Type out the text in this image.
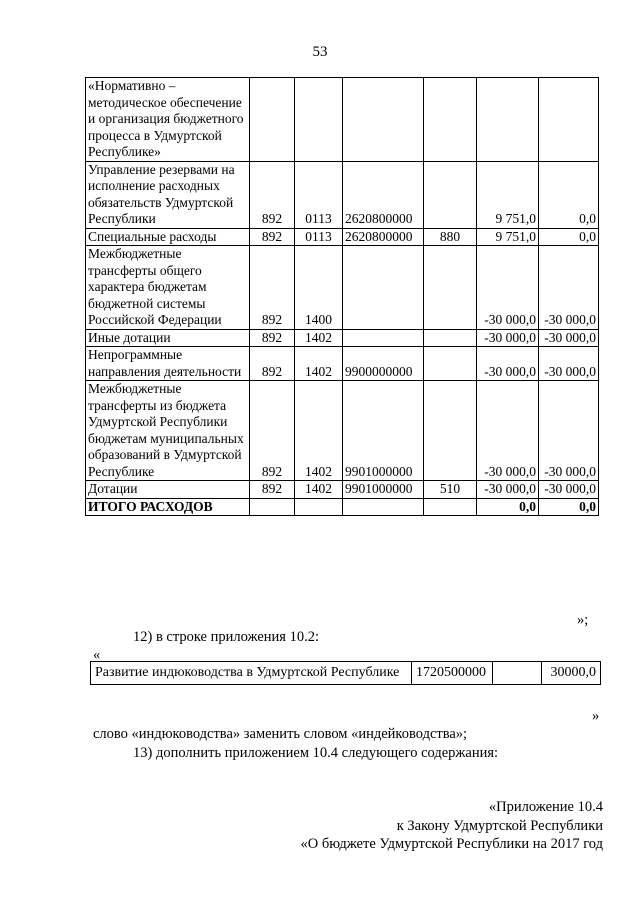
53
«Нормативно – методическое обеспечение и организация бюджетного процесса в Удмуртской Республике»						
Управление резервами на исполнение расходных обязательств Удмуртской Республики	892	0113	2620800000		9 751,0	0,0
Специальные расходы	892	0113	2620800000	880	9 751,0	0,0
Межбюджетные трансферты общего характера бюджетам бюджетной системы Российской Федерации	892	1400			-30 000,0	-30 000,0
Иные дотации	892	1402			-30 000,0	-30 000,0
Непрограммные направления деятельности	892	1402	9900000000		-30 000,0	-30 000,0
Межбюджетные трансферты из бюджета Удмуртской Республики бюджетам муниципальных образований в Удмуртской Республике	892	1402	9901000000		-30 000,0	-30 000,0
Дотации	892	1402	9901000000	510	-30 000,0	-30 000,0
ИТОГО РАСХОДОВ					0,0	0,0
»;
12) в строке приложения 10.2:
«
Развитие индюководства в Удмуртской Республике	1720500000		30000,0
»
слово «индюководства» заменить словом «индейководства»;
13) дополнить приложением 10.4 следующего содержания:
«Приложение 10.4
к Закону Удмуртской Республики
«О бюджете Удмуртской Республики на 2017 год
